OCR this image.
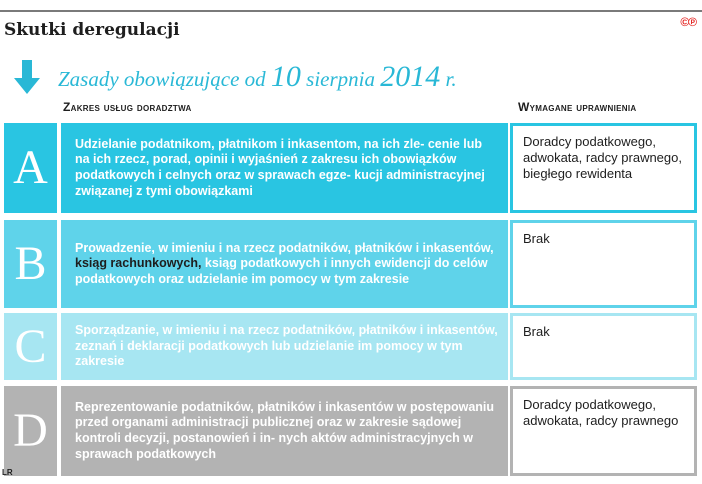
Skutki deregulacji	©℗
Zasady obowiązujące od 10 sierpnia 2014 r.
Zakres usług doradztwa	Wymagane uprawnienia
A Udzielanie podatnikom, płatnikom i inkasentom, na ich zle- cenie lub na ich rzecz, porad, opinii i wyjaśnień z zakresu ich obowiązków podatkowych i celnych oraz w sprawach egze- kucji administracyjnej związanej z tymi obowiązkami
Doradcy podatkowego, adwokata, radcy prawnego, biegłego rewidenta
B Prowadzenie, w imieniu i na rzecz podatników, płatników i inkasentów, ksiąg rachunkowych, ksiąg podatkowych i innych ewidencji do celów podatkowych oraz udzielanie im pomocy w tym zakresie
Brak
C Sporządzanie, w imieniu i na rzecz podatników, płatników i inkasentów, zeznań i deklaracji podatkowych lub udzielanie im pomocy w tym zakresie
Brak
D Reprezentowanie podatników, płatników i inkasentów w postępowaniu przed organami administracji publicznej oraz w zakresie sądowej kontroli decyzji, postanowień i in- nych aktów administracyjnych w sprawach podatkowych
Doradcy podatkowego, adwokata, radcy prawnego
LR
